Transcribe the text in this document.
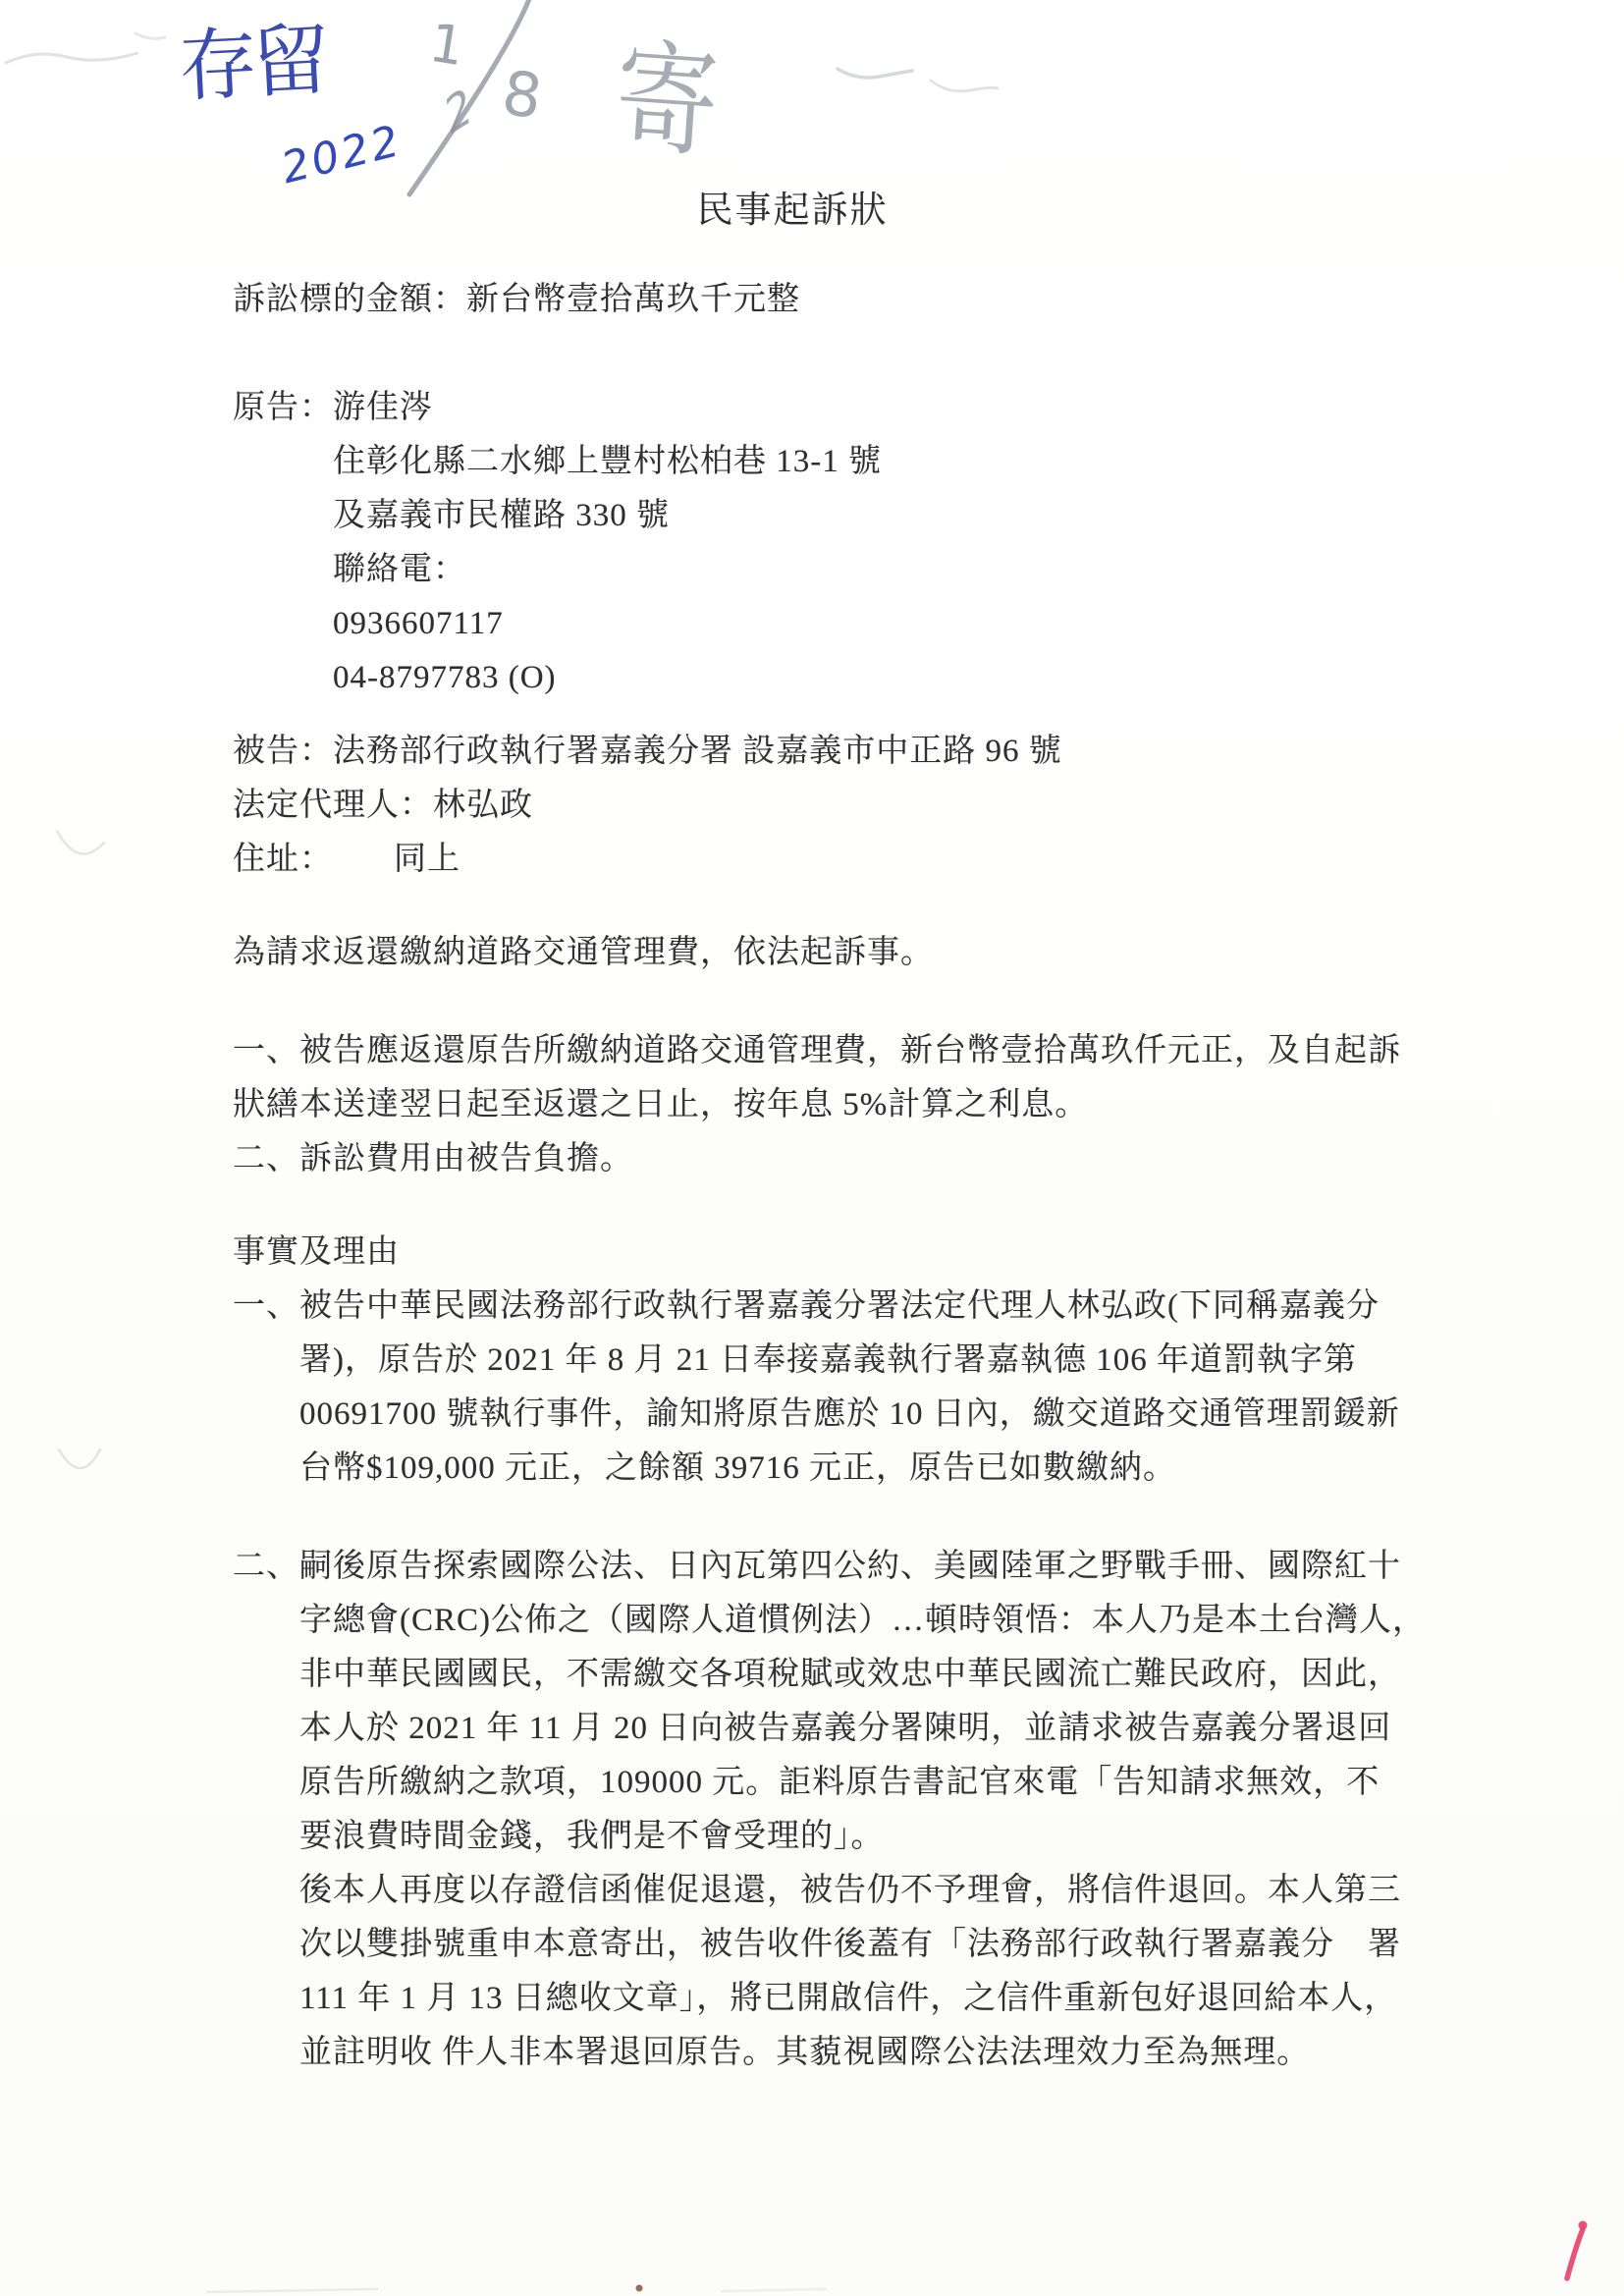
存留
2022
1
2 8 寄
民事起訴狀
訴訟標的金額：新台幣壹拾萬玖千元整
原告：游佳涔
住彰化縣二水鄉上豐村松柏巷 13-1 號
及嘉義市民權路 330 號
聯絡電：
0936607117
04-8797783 (O)
被告：法務部行政執行署嘉義分署 設嘉義市中正路 96 號
法定代理人：林弘政
住址： 同上
為請求返還繳納道路交通管理費，依法起訴事。
一、被告應返還原告所繳納道路交通管理費，新台幣壹拾萬玖仟元正，及自起訴
狀繕本送達翌日起至返還之日止，按年息 5%計算之利息。
二、訴訟費用由被告負擔。
事實及理由
一、被告中華民國法務部行政執行署嘉義分署法定代理人林弘政(下同稱嘉義分
署)，原告於 2021 年 8 月 21 日奉接嘉義執行署嘉執德 106 年道罰執字第
00691700 號執行事件，諭知將原告應於 10 日內，繳交道路交通管理罰鍰新
台幣$109,000 元正，之餘額 39716 元正，原告已如數繳納。
二、嗣後原告探索國際公法、日內瓦第四公約、美國陸軍之野戰手冊、國際紅十
字總會(CRC)公佈之（國際人道慣例法）…頓時領悟：本人乃是本土台灣人，
非中華民國國民，不需繳交各項稅賦或效忠中華民國流亡難民政府，因此，
本人於 2021 年 11 月 20 日向被告嘉義分署陳明，並請求被告嘉義分署退回
原告所繳納之款項，109000 元。詎料原告書記官來電「告知請求無效，不
要浪費時間金錢，我們是不會受理的」。
後本人再度以存證信函催促退還，被告仍不予理會，將信件退回。本人第三
次以雙掛號重申本意寄出，被告收件後蓋有「法務部行政執行署嘉義分　署
111 年 1 月 13 日總收文章」，將已開啟信件，之信件重新包好退回給本人，
並註明收 件人非本署退回原告。其藐視國際公法法理效力至為無理。
